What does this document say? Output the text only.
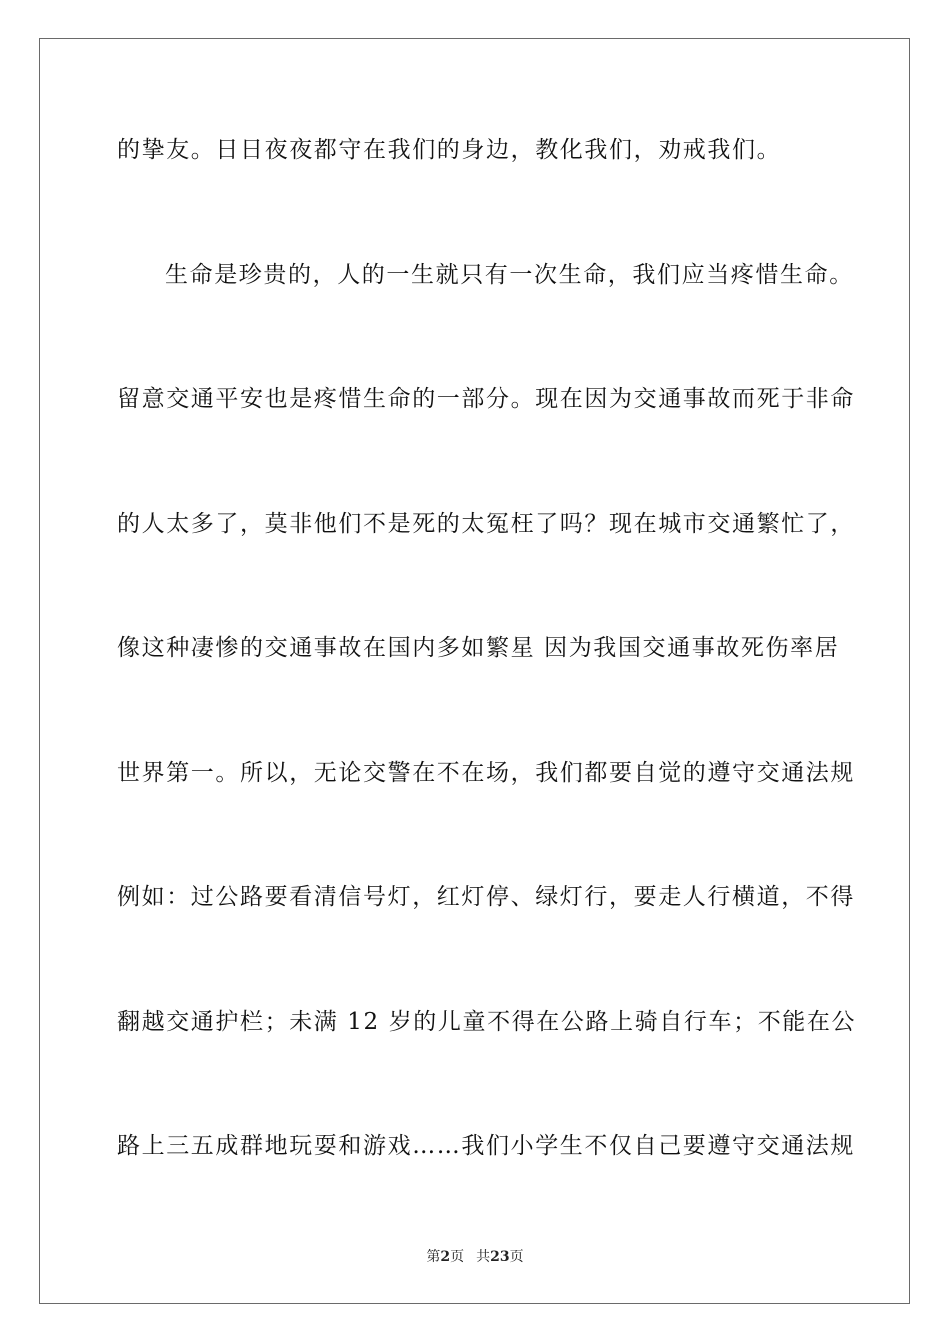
的挚友。日日夜夜都守在我们的身边，教化我们，劝戒我们。
生命是珍贵的，人的一生就只有一次生命，我们应当疼惜生命。
留意交通平安也是疼惜生命的一部分。现在因为交通事故而死于非命
的人太多了，莫非他们不是死的太冤枉了吗？现在城市交通繁忙了，
像这种凄惨的交通事故在国内多如繁星 因为我国交通事故死伤率居
世界第一。所以，无论交警在不在场，我们都要自觉的遵守交通法规
例如：过公路要看清信号灯，红灯停、绿灯行，要走人行横道，不得
翻越交通护栏；未满 12 岁的儿童不得在公路上骑自行车；不能在公
路上三五成群地玩耍和游戏……我们小学生不仅自己要遵守交通法规
第2页 共23页
